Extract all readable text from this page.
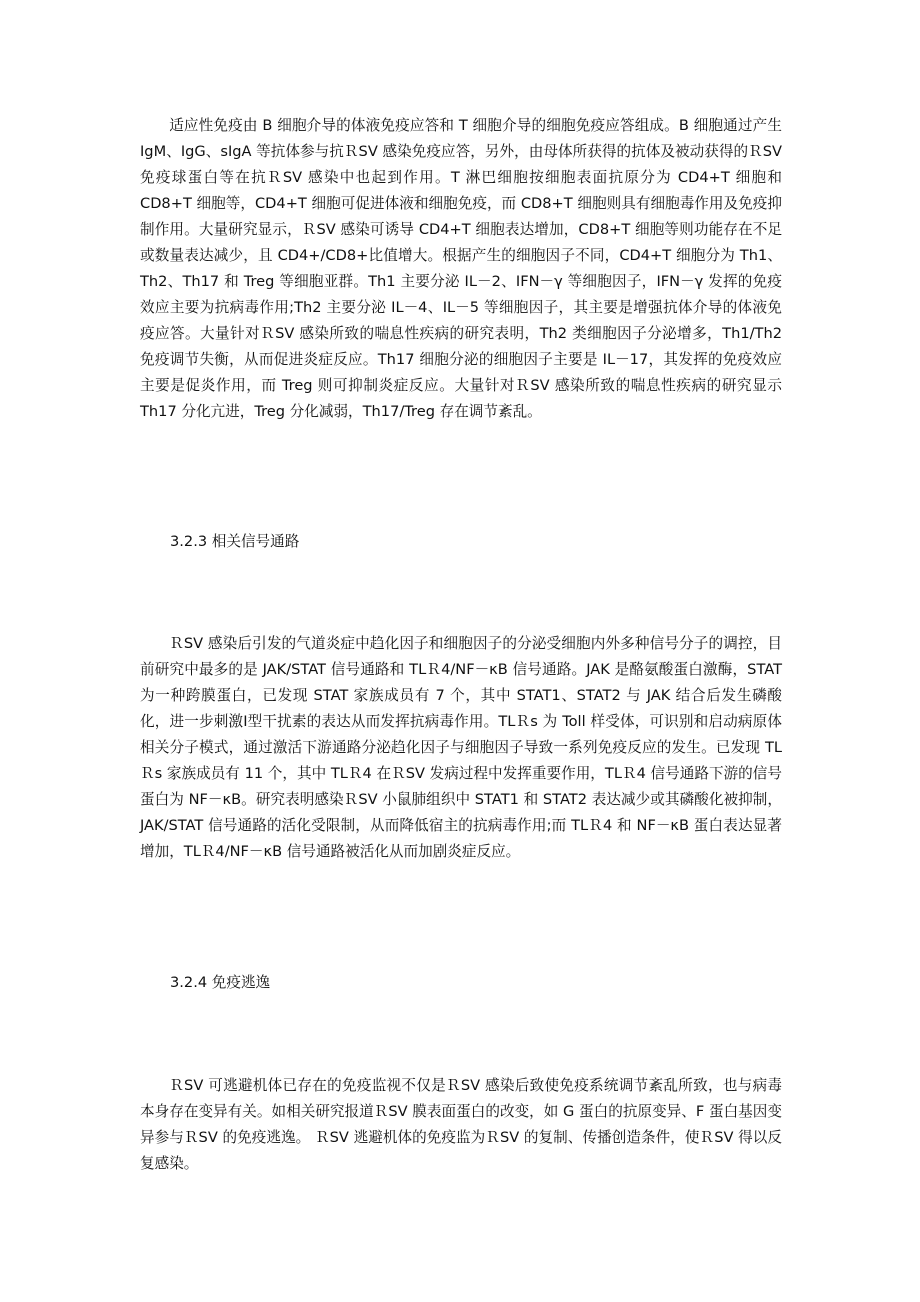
适应性免疫由 B 细胞介导的体液免疫应答和 T 细胞介导的细胞免疫应答组成。B 细胞通过产生 IgM、IgG、sIgA 等抗体参与抗ＲSV 感染免疫应答，另外，由母体所获得的抗体及被动获得的ＲSV 免疫球蛋白等在抗ＲSV 感染中也起到作用。T 淋巴细胞按细胞表面抗原分为 CD4+T 细胞和 CD8+T 细胞等，CD4+T 细胞可促进体液和细胞免疫，而 CD8+T 细胞则具有细胞毒作用及免疫抑制作用。大量研究显示，ＲSV 感染可诱导 CD4+T 细胞表达增加，CD8+T 细胞等则功能存在不足或数量表达减少，且 CD4+/CD8+比值增大。根据产生的细胞因子不同，CD4+T 细胞分为 Th1、Th2、Th17 和 Treg 等细胞亚群。Th1 主要分泌 IL－2、IFN－γ 等细胞因子，IFN－γ 发挥的免疫效应主要为抗病毒作用;Th2 主要分泌 IL－4、IL－5 等细胞因子，其主要是增强抗体介导的体液免疫应答。大量针对ＲSV 感染所致的喘息性疾病的研究表明，Th2 类细胞因子分泌增多，Th1/Th2 免疫调节失衡，从而促进炎症反应。Th17 细胞分泌的细胞因子主要是 IL－17，其发挥的免疫效应主要是促炎作用，而 Treg 则可抑制炎症反应。大量针对ＲSV 感染所致的喘息性疾病的研究显示 Th17 分化亢进，Treg 分化减弱，Th17/Treg 存在调节紊乱。

3.2.3 相关信号通路

ＲSV 感染后引发的气道炎症中趋化因子和细胞因子的分泌受细胞内外多种信号分子的调控，目前研究中最多的是 JAK/STAT 信号通路和 TLＲ4/NF－κB 信号通路。JAK 是酪氨酸蛋白激酶，STAT 为一种跨膜蛋白，已发现 STAT 家族成员有 7 个，其中 STAT1、STAT2 与 JAK 结合后发生磷酸化，进一步刺激Ⅰ型干扰素的表达从而发挥抗病毒作用。TLＲs 为 Toll 样受体，可识别和启动病原体相关分子模式，通过激活下游通路分泌趋化因子与细胞因子导致一系列免疫反应的发生。已发现 TLＲs 家族成员有 11 个，其中 TLＲ4 在ＲSV 发病过程中发挥重要作用，TLＲ4 信号通路下游的信号蛋白为 NF－κB。研究表明感染ＲSV 小鼠肺组织中 STAT1 和 STAT2 表达减少或其磷酸化被抑制，JAK/STAT 信号通路的活化受限制，从而降低宿主的抗病毒作用;而 TLＲ4 和 NF－κB 蛋白表达显著增加，TLＲ4/NF－κB 信号通路被活化从而加剧炎症反应。

3.2.4 免疫逃逸

ＲSV 可逃避机体已存在的免疫监视不仅是ＲSV 感染后致使免疫系统调节紊乱所致，也与病毒本身存在变异有关。如相关研究报道ＲSV 膜表面蛋白的改变，如 G 蛋白的抗原变异、F 蛋白基因变异参与ＲSV 的免疫逃逸。 ＲSV 逃避机体的免疫监为ＲSV 的复制、传播创造条件，使ＲSV 得以反复感染。
